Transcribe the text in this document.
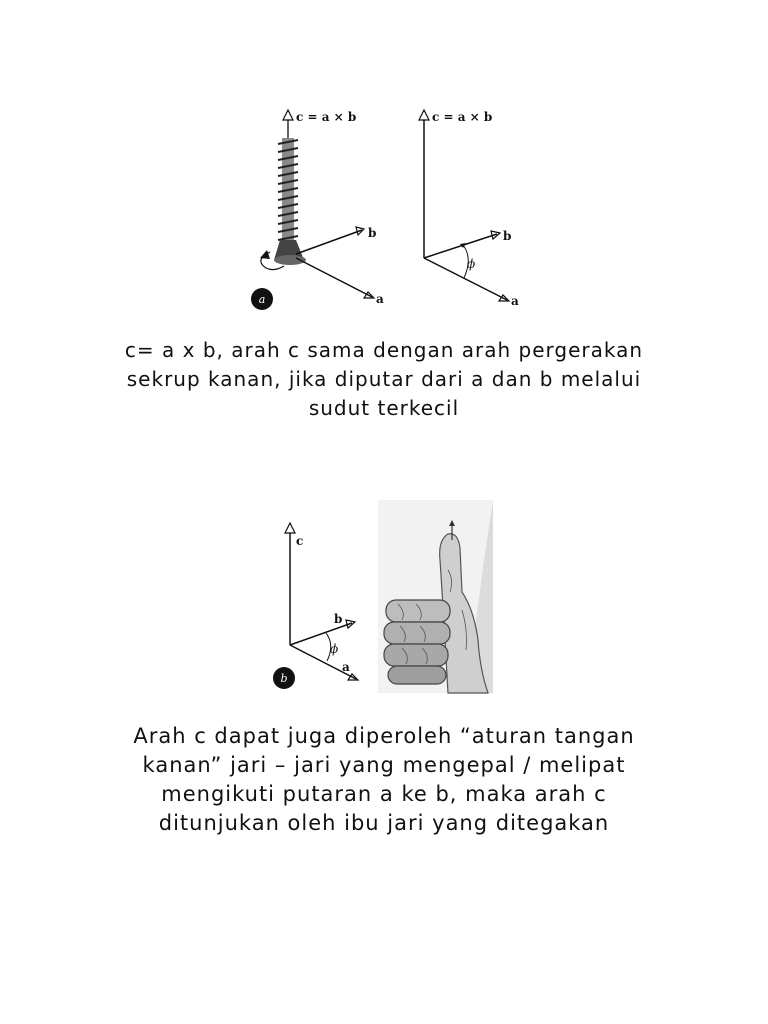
c = a × b
b
a
a
c = a × b
b
a
ϕ
c= a x b, arah c sama dengan arah pergerakan
sekrup kanan, jika diputar dari a dan b melalui
sudut terkecil
c
b
a
ϕ
b
Arah c dapat juga diperoleh “aturan tangan
kanan” jari – jari yang mengepal / melipat
mengikuti putaran a ke b, maka arah c
ditunjukan oleh ibu jari yang ditegakan
